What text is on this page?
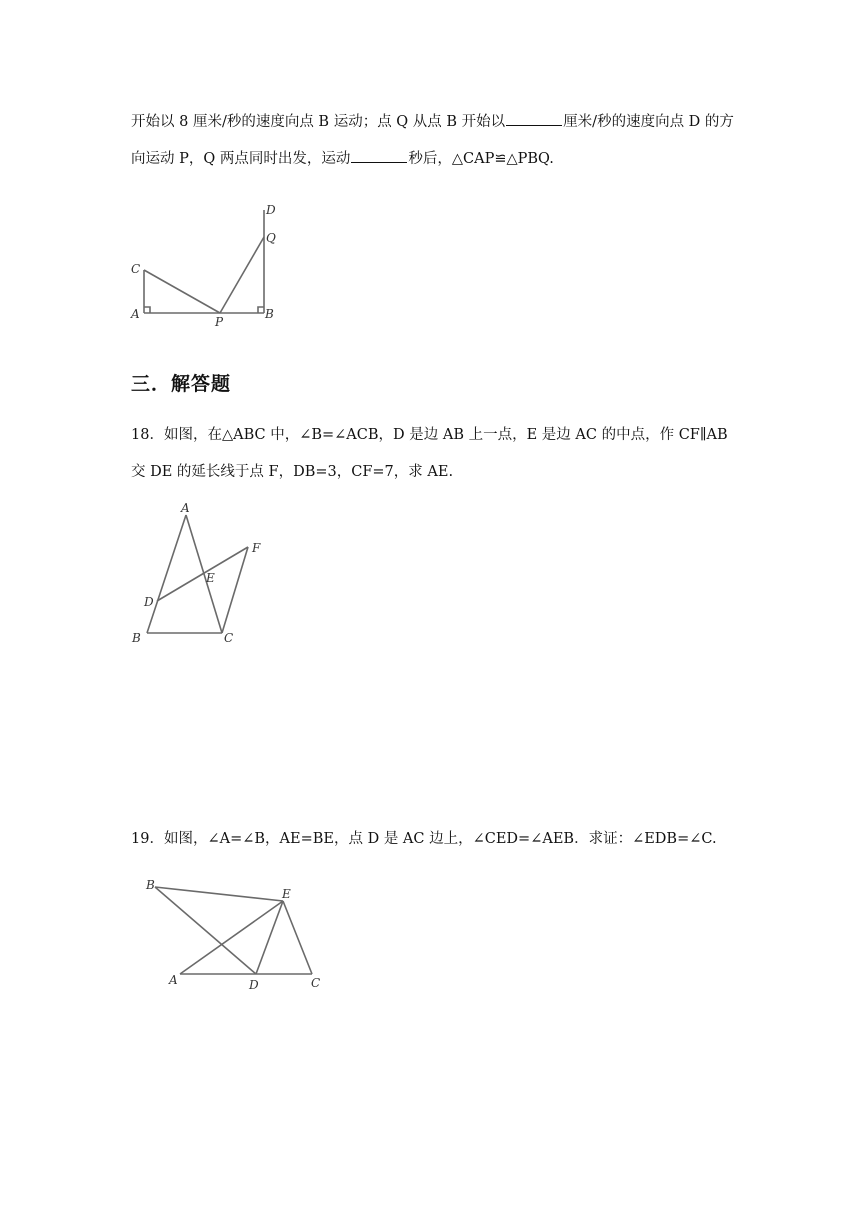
开始以 8 厘米/秒的速度向点 B 运动；点 Q 从点 B 开始以	厘米/秒的速度向点 D 的方
向运动 P，Q 两点同时出发，运动	秒后，△CAP≌△PBQ.
D
Q
C
A
P
B
三．解答题
18．如图，在△ABC 中，∠B=∠ACB，D 是边 AB 上一点，E 是边 AC 的中点，作 CF∥AB
交 DE 的延长线于点 F，DB=3，CF=7，求 AE.
A
F
E
D
B	C
19．如图，∠A=∠B，AE=BE，点 D 是 AC 边上，∠CED=∠AEB．求证：∠EDB=∠C.
B
E
A	D	C
